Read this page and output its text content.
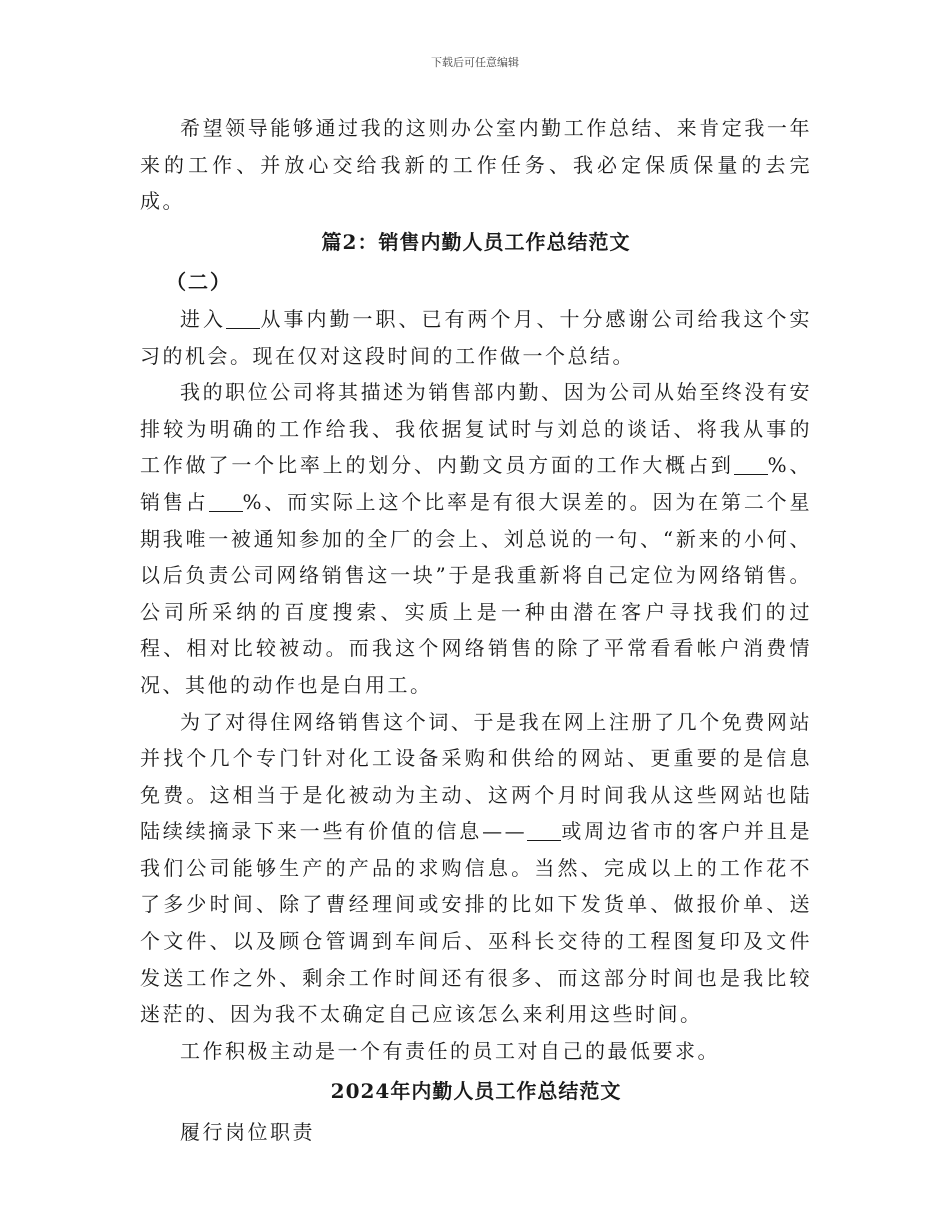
下载后可任意编辑

希望领导能够通过我的这则办公室内勤工作总结、来肯定我一年来的工作、并放心交给我新的工作任务、我必定保质保量的去完成。

篇2：销售内勤人员工作总结范文

（二）

进入 从事内勤一职、已有两个月、十分感谢公司给我这个实习的机会。现在仅对这段时间的工作做一个总结。

我的职位公司将其描述为销售部内勤、因为公司从始至终没有安排较为明确的工作给我、我依据复试时与刘总的谈话、将我从事的工作做了一个比率上的划分、内勤文员方面的工作大概占到 %、销售占 %、而实际上这个比率是有很大误差的。因为在第二个星期我唯一被通知参加的全厂的会上、刘总说的一句、“新来的小何、以后负责公司网络销售这一块”于是我重新将自己定位为网络销售。公司所采纳的百度搜索、实质上是一种由潜在客户寻找我们的过程、相对比较被动。而我这个网络销售的除了平常看看帐户消费情况、其他的动作也是白用工。

为了对得住网络销售这个词、于是我在网上注册了几个免费网站并找个几个专门针对化工设备采购和供给的网站、更重要的是信息免费。这相当于是化被动为主动、这两个月时间我从这些网站也陆陆续续摘录下来一些有价值的信息—— 或周边省市的客户并且是我们公司能够生产的产品的求购信息。当然、完成以上的工作花不了多少时间、除了曹经理间或安排的比如下发货单、做报价单、送个文件、以及顾仓管调到车间后、巫科长交待的工程图复印及文件发送工作之外、剩余工作时间还有很多、而这部分时间也是我比较迷茫的、因为我不太确定自己应该怎么来利用这些时间。

工作积极主动是一个有责任的员工对自己的最低要求。

2024年内勤人员工作总结范文

履行岗位职责
